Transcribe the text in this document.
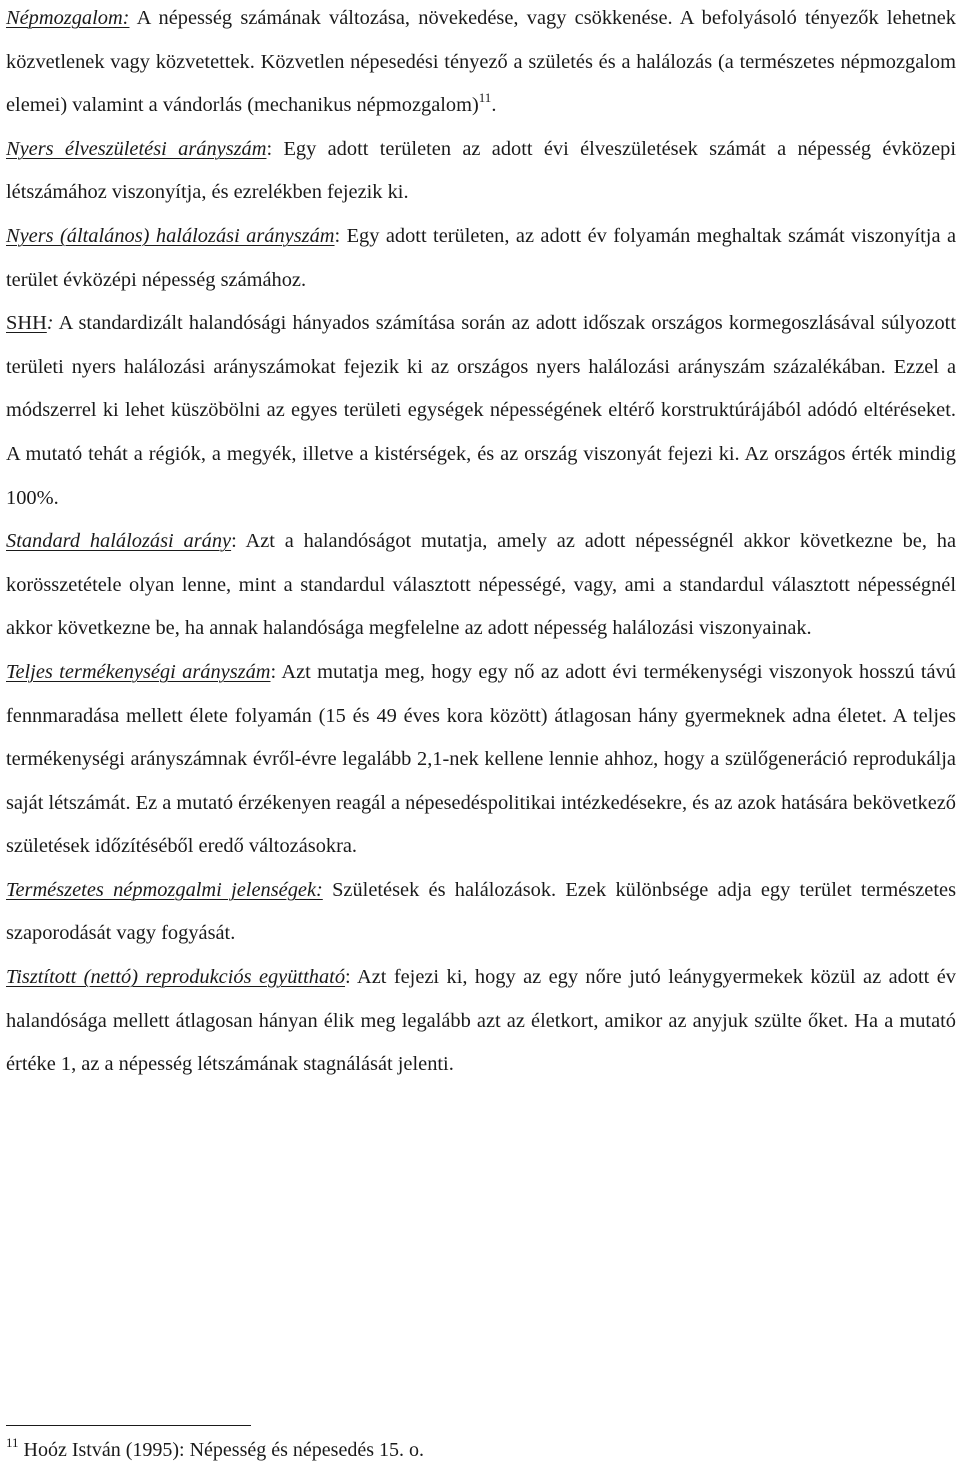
Népmozgalom: A népesség számának változása, növekedése, vagy csökkenése. A befolyásoló tényezők lehetnek közvetlenek vagy közvetettek. Közvetlen népesedési tényező a születés és a halálozás (a természetes népmozgalom elemei) valamint a vándorlás (mechanikus népmozgalom)$^{11}$.

Nyers élveszületési arányszám: Egy adott területen az adott évi élveszületések számát a népesség évközepi létszámához viszonyítja, és ezrelékben fejezik ki.

Nyers (általános) halálozási arányszám: Egy adott területen, az adott év folyamán meghaltak számát viszonyítja a terület évközépi népesség számához.

SHH: A standardizált halandósági hányados számítása során az adott időszak országos kormegoszlásával súlyozott területi nyers halálozási arányszámokat fejezik ki az országos nyers halálozási arányszám százalékában. Ezzel a módszerrel ki lehet küszöbölni az egyes területi egységek népességének eltérő korstruktúrájából adódó eltéréseket. A mutató tehát a régiók, a megyék, illetve a kistérségek, és az ország viszonyát fejezi ki. Az országos érték mindig 100%.

Standard halálozási arány: Azt a halandóságot mutatja, amely az adott népességnél akkor következne be, ha korösszetétele olyan lenne, mint a standardul választott népességé, vagy, ami a standardul választott népességnél akkor következne be, ha annak halandósága megfelelne az adott népesség halálozási viszonyainak.

Teljes termékenységi arányszám: Azt mutatja meg, hogy egy nő az adott évi termékenységi viszonyok hosszú távú fennmaradása mellett élete folyamán (15 és 49 éves kora között) átlagosan hány gyermeknek adna életet. A teljes termékenységi arányszámnak évről-évre legalább 2,1-nek kellene lennie ahhoz, hogy a szülőgeneráció reprodukálja saját létszámát. Ez a mutató érzékenyen reagál a népesedéspolitikai intézkedésekre, és az azok hatására bekövetkező születések időzítéséből eredő változásokra.

Természetes népmozgalmi jelenségek: Születések és halálozások. Ezek különbsége adja egy terület természetes szaporodását vagy fogyását.

Tisztított (nettó) reprodukciós együttható: Azt fejezi ki, hogy az egy nőre jutó leánygyermekek közül az adott év halandósága mellett átlagosan hányan élik meg legalább azt az életkort, amikor az anyjuk szülte őket. Ha a mutató értéke 1, az a népesség létszámának stagnálását jelenti.

$^{11}$ Hoóz István (1995): Népesség és népesedés 15. o.
